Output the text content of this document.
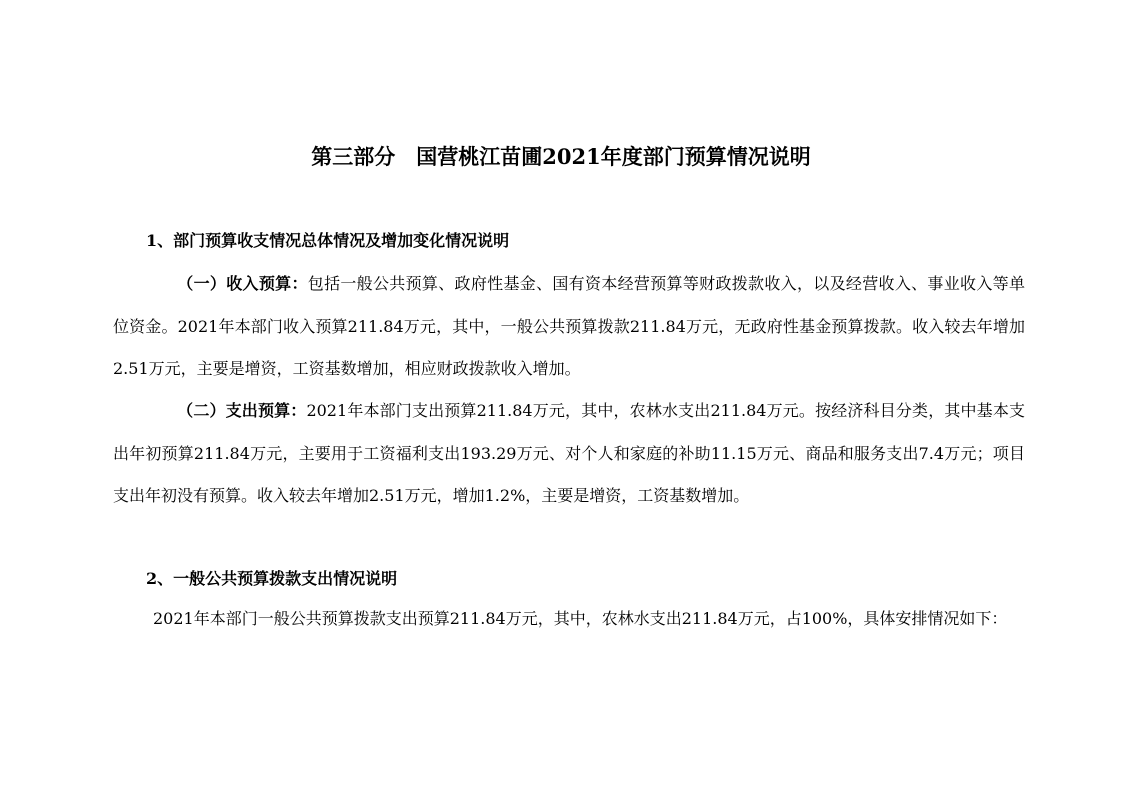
第三部分　国营桃江苗圃2021年度部门预算情况说明
1、部门预算收支情况总体情况及增加变化情况说明
（一）收入预算：包括一般公共预算、政府性基金、国有资本经营预算等财政拨款收入，以及经营收入、事业收入等单位资金。2021年本部门收入预算211.84万元，其中，一般公共预算拨款211.84万元，无政府性基金预算拨款。收入较去年增加2.51万元，主要是增资，工资基数增加，相应财政拨款收入增加。
（二）支出预算：2021年本部门支出预算211.84万元，其中，农林水支出211.84万元。按经济科目分类，其中基本支出年初预算211.84万元，主要用于工资福利支出193.29万元、对个人和家庭的补助11.15万元、商品和服务支出7.4万元；项目支出年初没有预算。收入较去年增加2.51万元，增加1.2%，主要是增资，工资基数增加。
2、一般公共预算拨款支出情况说明
2021年本部门一般公共预算拨款支出预算211.84万元，其中，农林水支出211.84万元，占100%，具体安排情况如下：
